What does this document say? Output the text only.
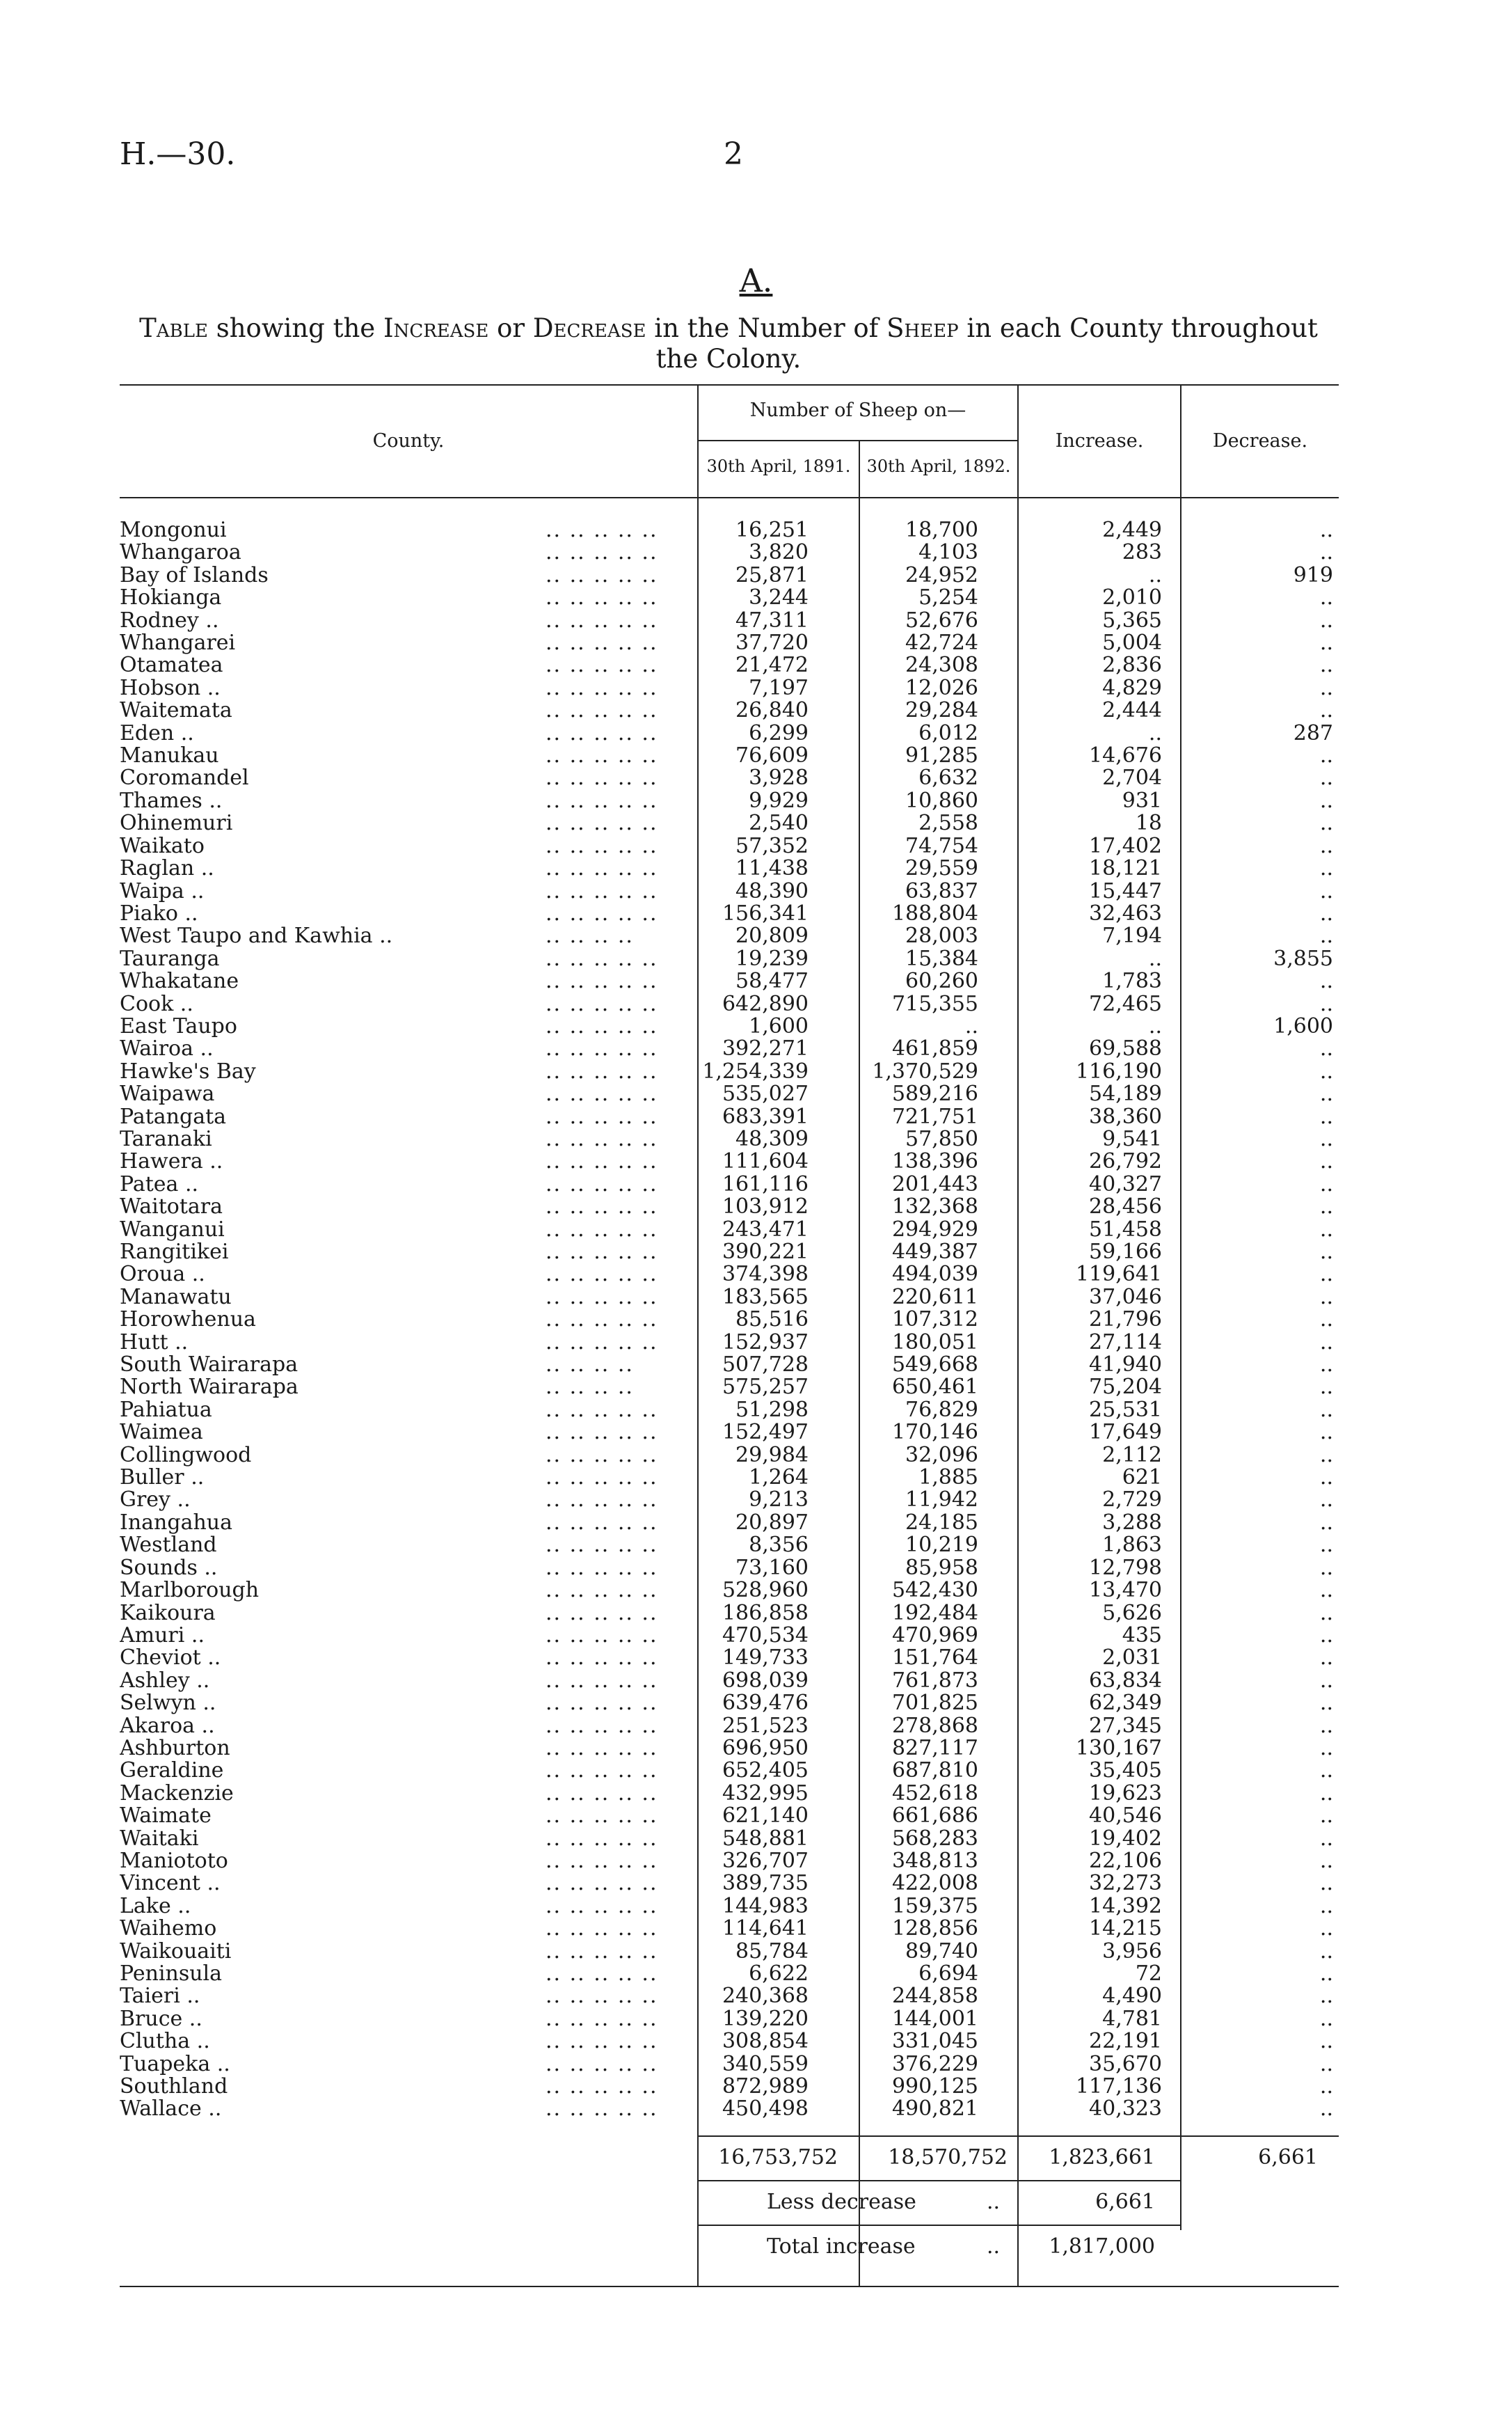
H.—30.	2
A.
Table showing the Increase or Decrease in the Number of Sheep in each County throughout
the Colony.
County.
Number of Sheep on—
30th April, 1891. 30th April, 1892.
Increase.	Decrease.
Mongonui .. .. .. .. ..	16,251	18,700	2,449	..
Whangaroa .. .. .. .. ..	3,820	4,103	283	..
Bay of Islands .. .. .. .. ..	25,871	24,952	..	919
Hokianga .. .. .. .. ..	3,244	5,254	2,010	..
Rodney .. .. .. .. .. ..	47,311	52,676	5,365	..
Whangarei .. .. .. .. ..	37,720	42,724	5,004	..
Otamatea .. .. .. .. ..	21,472	24,308	2,836	..
Hobson .. .. .. .. .. ..	7,197	12,026	4,829	..
Waitemata .. .. .. .. ..	26,840	29,284	2,444	..
Eden .. .. .. .. .. ..	6,299	6,012	..	287
Manukau .. .. .. .. ..	76,609	91,285	14,676	..
Coromandel .. .. .. .. ..	3,928	6,632	2,704	..
Thames .. .. .. .. .. ..	9,929	10,860	931	..
Ohinemuri .. .. .. .. ..	2,540	2,558	18	..
Waikato .. .. .. .. ..	57,352	74,754	17,402	..
Raglan .. .. .. .. .. ..	11,438	29,559	18,121	..
Waipa .. .. .. .. .. ..	48,390	63,837	15,447	..
Piako .. .. .. .. .. ..	156,341	188,804	32,463	..
West Taupo and Kawhia .. .. .. .. ..	20,809	28,003	7,194	..
Tauranga .. .. .. .. ..	19,239	15,384	..	3,855
Whakatane .. .. .. .. ..	58,477	60,260	1,783	..
Cook .. .. .. .. .. ..	642,890	715,355	72,465	..
East Taupo .. .. .. .. ..	1,600	..	..	1,600
Wairoa .. .. .. .. .. ..	392,271	461,859	69,588	..
Hawke's Bay .. .. .. .. ..	1,254,339	1,370,529	116,190	..
Waipawa .. .. .. .. ..	535,027	589,216	54,189	..
Patangata .. .. .. .. ..	683,391	721,751	38,360	..
Taranaki .. .. .. .. ..	48,309	57,850	9,541	..
Hawera .. .. .. .. .. ..	111,604	138,396	26,792	..
Patea .. .. .. .. .. ..	161,116	201,443	40,327	..
Waitotara .. .. .. .. ..	103,912	132,368	28,456	..
Wanganui .. .. .. .. ..	243,471	294,929	51,458	..
Rangitikei .. .. .. .. ..	390,221	449,387	59,166	..
Oroua .. .. .. .. .. ..	374,398	494,039	119,641	..
Manawatu .. .. .. .. ..	183,565	220,611	37,046	..
Horowhenua .. .. .. .. ..	85,516	107,312	21,796	..
Hutt .. .. .. .. .. ..	152,937	180,051	27,114	..
South Wairarapa .. .. .. ..	507,728	549,668	41,940	..
North Wairarapa .. .. .. ..	575,257	650,461	75,204	..
Pahiatua .. .. .. .. ..	51,298	76,829	25,531	..
Waimea .. .. .. .. ..	152,497	170,146	17,649	..
Collingwood .. .. .. .. ..	29,984	32,096	2,112	..
Buller .. .. .. .. .. ..	1,264	1,885	621	..
Grey .. .. .. .. .. ..	9,213	11,942	2,729	..
Inangahua .. .. .. .. ..	20,897	24,185	3,288	..
Westland .. .. .. .. ..	8,356	10,219	1,863	..
Sounds .. .. .. .. .. ..	73,160	85,958	12,798	..
Marlborough .. .. .. .. ..	528,960	542,430	13,470	..
Kaikoura .. .. .. .. ..	186,858	192,484	5,626	..
Amuri .. .. .. .. .. ..	470,534	470,969	435	..
Cheviot .. .. .. .. .. ..	149,733	151,764	2,031	..
Ashley .. .. .. .. .. ..	698,039	761,873	63,834	..
Selwyn .. .. .. .. .. ..	639,476	701,825	62,349	..
Akaroa .. .. .. .. .. ..	251,523	278,868	27,345	..
Ashburton .. .. .. .. ..	696,950	827,117	130,167	..
Geraldine .. .. .. .. ..	652,405	687,810	35,405	..
Mackenzie .. .. .. .. ..	432,995	452,618	19,623	..
Waimate .. .. .. .. ..	621,140	661,686	40,546	..
Waitaki .. .. .. .. ..	548,881	568,283	19,402	..
Maniototo .. .. .. .. ..	326,707	348,813	22,106	..
Vincent .. .. .. .. .. ..	389,735	422,008	32,273	..
Lake .. .. .. .. .. ..	144,983	159,375	14,392	..
Waihemo .. .. .. .. ..	114,641	128,856	14,215	..
Waikouaiti .. .. .. .. ..	85,784	89,740	3,956	..
Peninsula .. .. .. .. ..	6,622	6,694	72	..
Taieri .. .. .. .. .. ..	240,368	244,858	4,490	..
Bruce .. .. .. .. .. ..	139,220	144,001	4,781	..
Clutha .. .. .. .. .. ..	308,854	331,045	22,191	..
Tuapeka .. .. .. .. .. ..	340,559	376,229	35,670	..
Southland .. .. .. .. ..	872,989	990,125	117,136	..
Wallace .. .. .. .. .. ..	450,498	490,821	40,323	..
16,753,752	18,570,752	1,823,661	6,661
Less decrease	..	6,661
Total increase	..	1,817,000
